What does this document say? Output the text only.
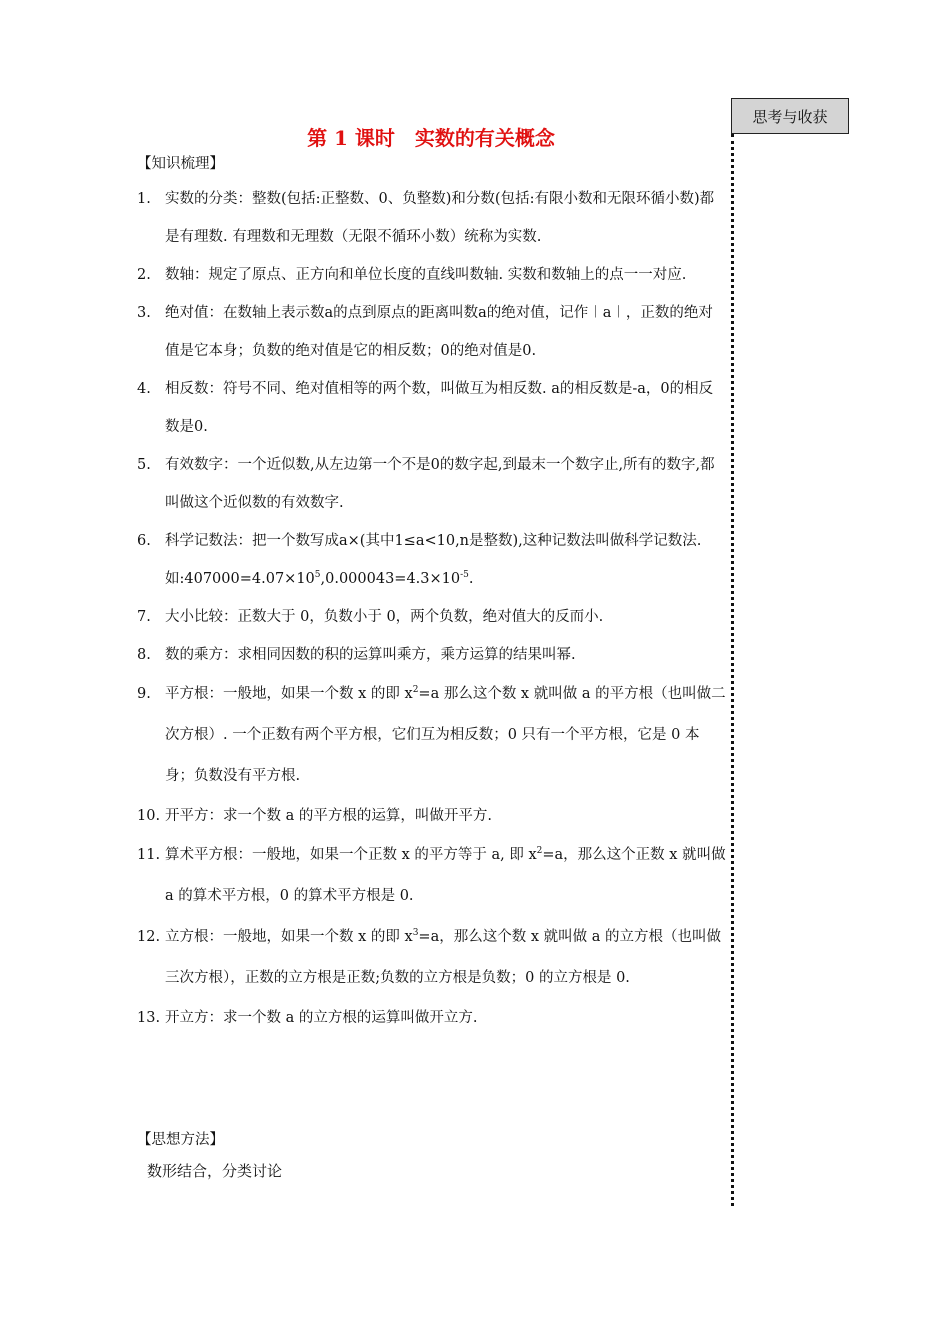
思考与收获
第 1 课时　实数的有关概念
【知识梳理】
1. 实数的分类：整数(包括:正整数、0、负整数)和分数(包括:有限小数和无限环循小数)都是有理数. 有理数和无理数（无限不循环小数）统称为实数.
2. 数轴：规定了原点、正方向和单位长度的直线叫数轴. 实数和数轴上的点一一对应.
3. 绝对值：在数轴上表示数a的点到原点的距离叫数a的绝对值，记作︱a︱，正数的绝对值是它本身；负数的绝对值是它的相反数；0的绝对值是0.
4. 相反数：符号不同、绝对值相等的两个数，叫做互为相反数. a的相反数是-a，0的相反数是0.
5. 有效数字：一个近似数,从左边第一个不是0的数字起,到最末一个数字止,所有的数字,都叫做这个近似数的有效数字.
6. 科学记数法：把一个数写成a×(其中1≤a<10,n是整数),这种记数法叫做科学记数法. 如$:407000=4.07\times 10^5,0.000043=4.3\times 10^{-5}$.
7. 大小比较：正数大于 0，负数小于 0，两个负数，绝对值大的反而小.
8. 数的乘方：求相同因数的积的运算叫乘方，乘方运算的结果叫幂.
9. 平方根：一般地，如果一个数 x 的即 $x^2=a$ 那么这个数 x 就叫做 a 的平方根（也叫做二次方根）. 一个正数有两个平方根，它们互为相反数；0 只有一个平方根，它是 0 本身；负数没有平方根.
10. 开平方：求一个数 a 的平方根的运算，叫做开平方.
11. 算术平方根：一般地，如果一个正数 x 的平方等于 a, 即 $x^2=a$，那么这个正数 x 就叫做 a 的算术平方根，0 的算术平方根是 0.
12. 立方根：一般地，如果一个数 x 的即 $x^3=a$，那么这个数 x 就叫做 a 的立方根（也叫做三次方根），正数的立方根是正数;负数的立方根是负数；0 的立方根是 0.
13. 开立方：求一个数 a 的立方根的运算叫做开立方.
【思想方法】
数形结合，分类讨论
